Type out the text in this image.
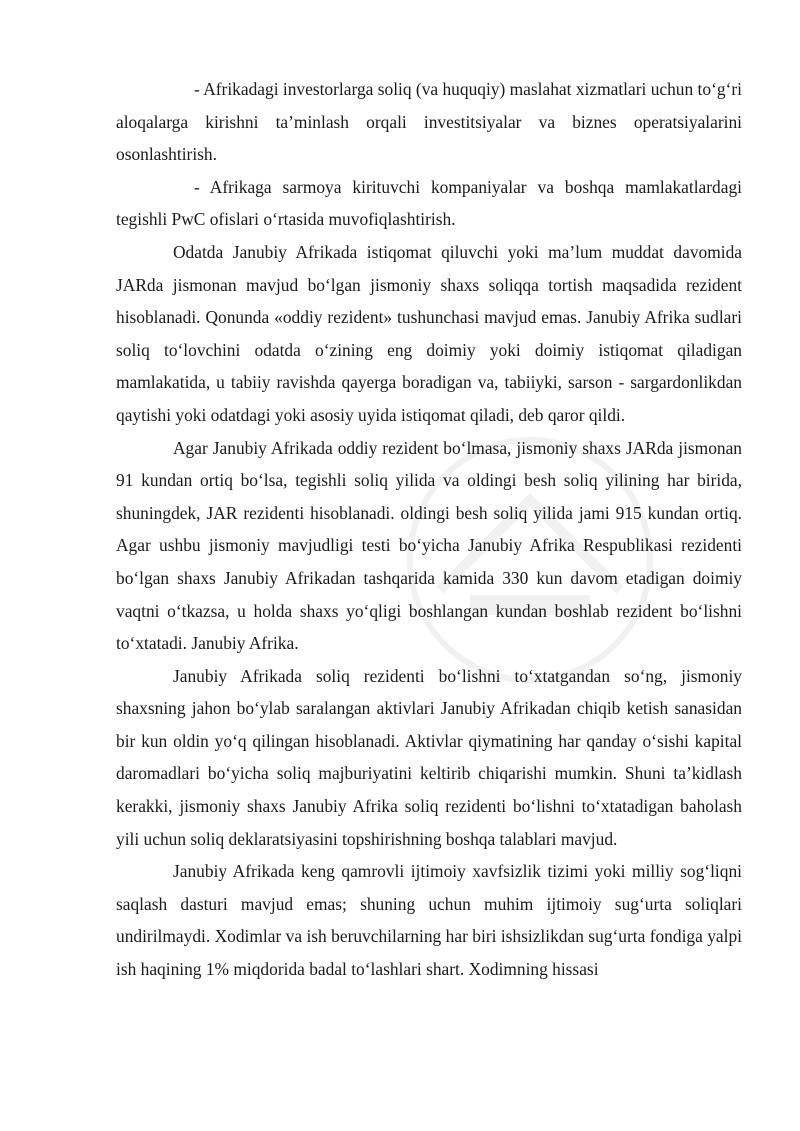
- Afrikadagi investorlarga soliq (va huquqiy) maslahat xizmatlari uchun to‘g‘ri aloqalarga kirishni ta’minlash orqali investitsiyalar va biznes operatsiyalarini osonlashtirish.

- Afrikaga sarmoya kirituvchi kompaniyalar va boshqa mamlakatlardagi tegishli PwC ofislari o‘rtasida muvofiqlashtirish.

Odatda Janubiy Afrikada istiqomat qiluvchi yoki ma’lum muddat davomida JARda jismonan mavjud bo‘lgan jismoniy shaxs soliqqa tortish maqsadida rezident hisoblanadi. Qonunda «oddiy rezident» tushunchasi mavjud emas. Janubiy Afrika sudlari soliq to‘lovchini odatda o‘zining eng doimiy yoki doimiy istiqomat qiladigan mamlakatida, u tabiiy ravishda qayerga boradigan va, tabiiyki, sarson - sargardonlikdan qaytishi yoki odatdagi yoki asosiy uyida istiqomat qiladi, deb qaror qildi.

Agar Janubiy Afrikada oddiy rezident bo‘lmasa, jismoniy shaxs JARda jismonan 91 kundan ortiq bo‘lsa, tegishli soliq yilida va oldingi besh soliq yilining har birida, shuningdek, JAR rezidenti hisoblanadi. oldingi besh soliq yilida jami 915 kundan ortiq. Agar ushbu jismoniy mavjudligi testi bo‘yicha Janubiy Afrika Respublikasi rezidenti bo‘lgan shaxs Janubiy Afrikadan tashqarida kamida 330 kun davom etadigan doimiy vaqtni o‘tkazsa, u holda shaxs yo‘qligi boshlangan kundan boshlab rezident bo‘lishni to‘xtatadi. Janubiy Afrika.

Janubiy Afrikada soliq rezidenti bo‘lishni to‘xtatgandan so‘ng, jismoniy shaxsning jahon bo‘ylab saralangan aktivlari Janubiy Afrikadan chiqib ketish sanasidan bir kun oldin yo‘q qilingan hisoblanadi. Aktivlar qiymatining har qanday o‘sishi kapital daromadlari bo‘yicha soliq majburiyatini keltirib chiqarishi mumkin. Shuni ta’kidlash kerakki, jismoniy shaxs Janubiy Afrika soliq rezidenti bo‘lishni to‘xtatadigan baholash yili uchun soliq deklaratsiyasini topshirishning boshqa talablari mavjud.

Janubiy Afrikada keng qamrovli ijtimoiy xavfsizlik tizimi yoki milliy sog‘liqni saqlash dasturi mavjud emas; shuning uchun muhim ijtimoiy sug‘urta soliqlari undirilmaydi. Xodimlar va ish beruvchilarning har biri ishsizlikdan sug‘urta fondiga yalpi ish haqining 1% miqdorida badal to‘lashlari shart. Xodimning hissasi
